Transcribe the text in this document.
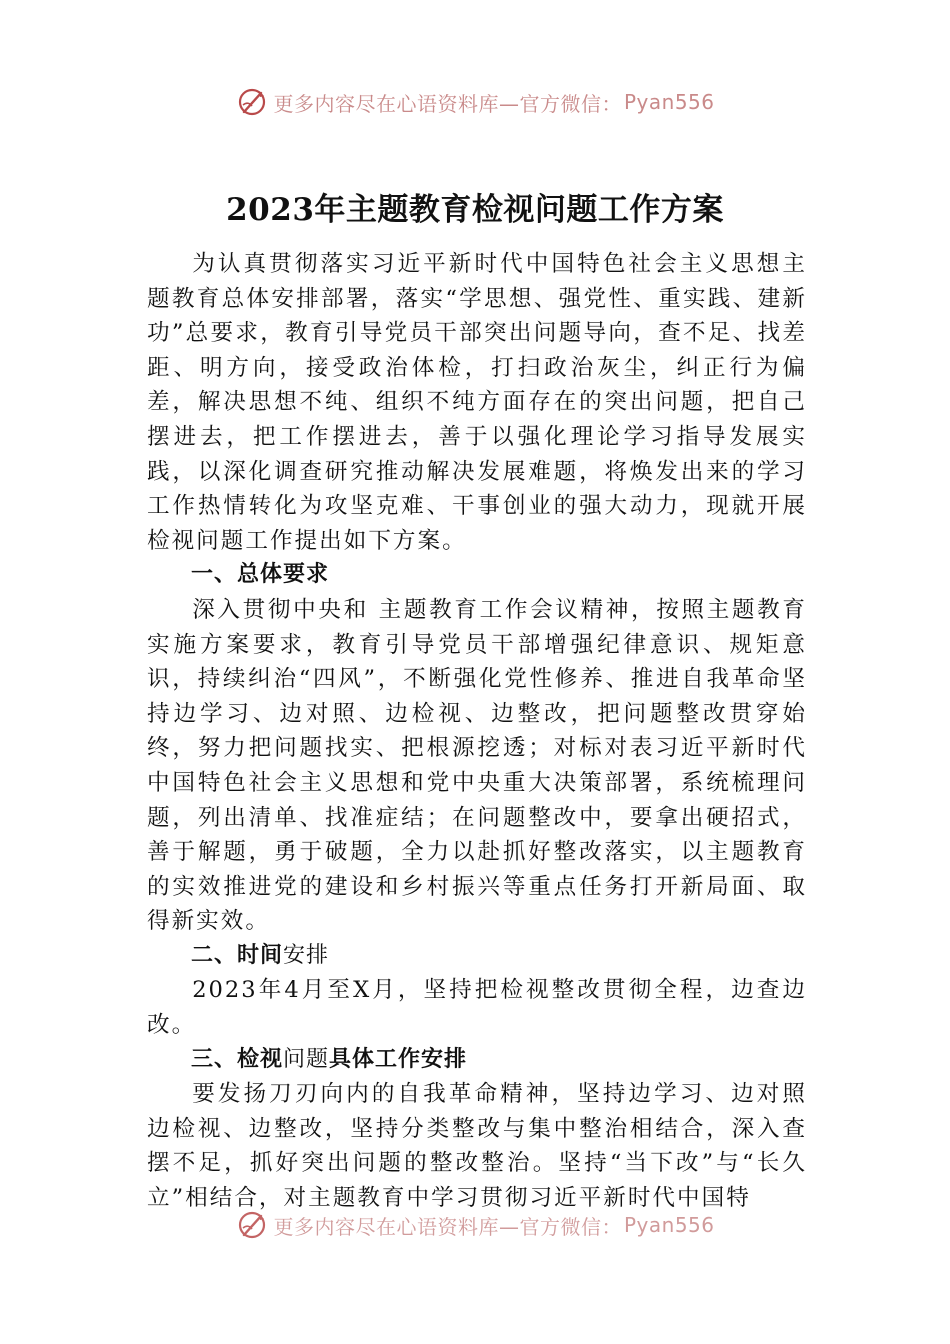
更多内容尽在心语资料库—官方微信： Pyan556
2023年主题教育检视问题工作方案

为认真贯彻落实习近平新时代中国特色社会主义思想主题教育总体安排部署，落实“学思想、强党性、重实践、建新功”总要求，教育引导党员干部突出问题导向，查不足、找差距、明方向，接受政治体检，打扫政治灰尘，纠正行为偏差，解决思想不纯、组织不纯方面存在的突出问题，把自己摆进去，把工作摆进去，善于以强化理论学习指导发展实践，以深化调查研究推动解决发展难题，将焕发出来的学习工作热情转化为攻坚克难、干事创业的强大动力，现就开展检视问题工作提出如下方案。

一、总体要求

深入贯彻中央和 主题教育工作会议精神，按照主题教育实施方案要求，教育引导党员干部增强纪律意识、规矩意识，持续纠治“四风”，不断强化党性修养、推进自我革命坚持边学习、边对照、边检视、边整改，把问题整改贯穿始终，努力把问题找实、把根源挖透；对标对表习近平新时代中国特色社会主义思想和党中央重大决策部署，系统梳理问题，列出清单、找准症结；在问题整改中，要拿出硬招式，善于解题，勇于破题，全力以赴抓好整改落实，以主题教育的实效推进党的建设和乡村振兴等重点任务打开新局面、取得新实效。

二、时间安排

2023年4月至X月，坚持把检视整改贯彻全程，边查边改。

三、检视问题具体工作安排

要发扬刀刃向内的自我革命精神，坚持边学习、边对照边检视、边整改，坚持分类整改与集中整治相结合，深入查摆不足，抓好突出问题的整改整治。坚持“当下改”与“长久立”相结合，对主题教育中学习贯彻习近平新时代中国特

更多内容尽在心语资料库—官方微信： Pyan556
